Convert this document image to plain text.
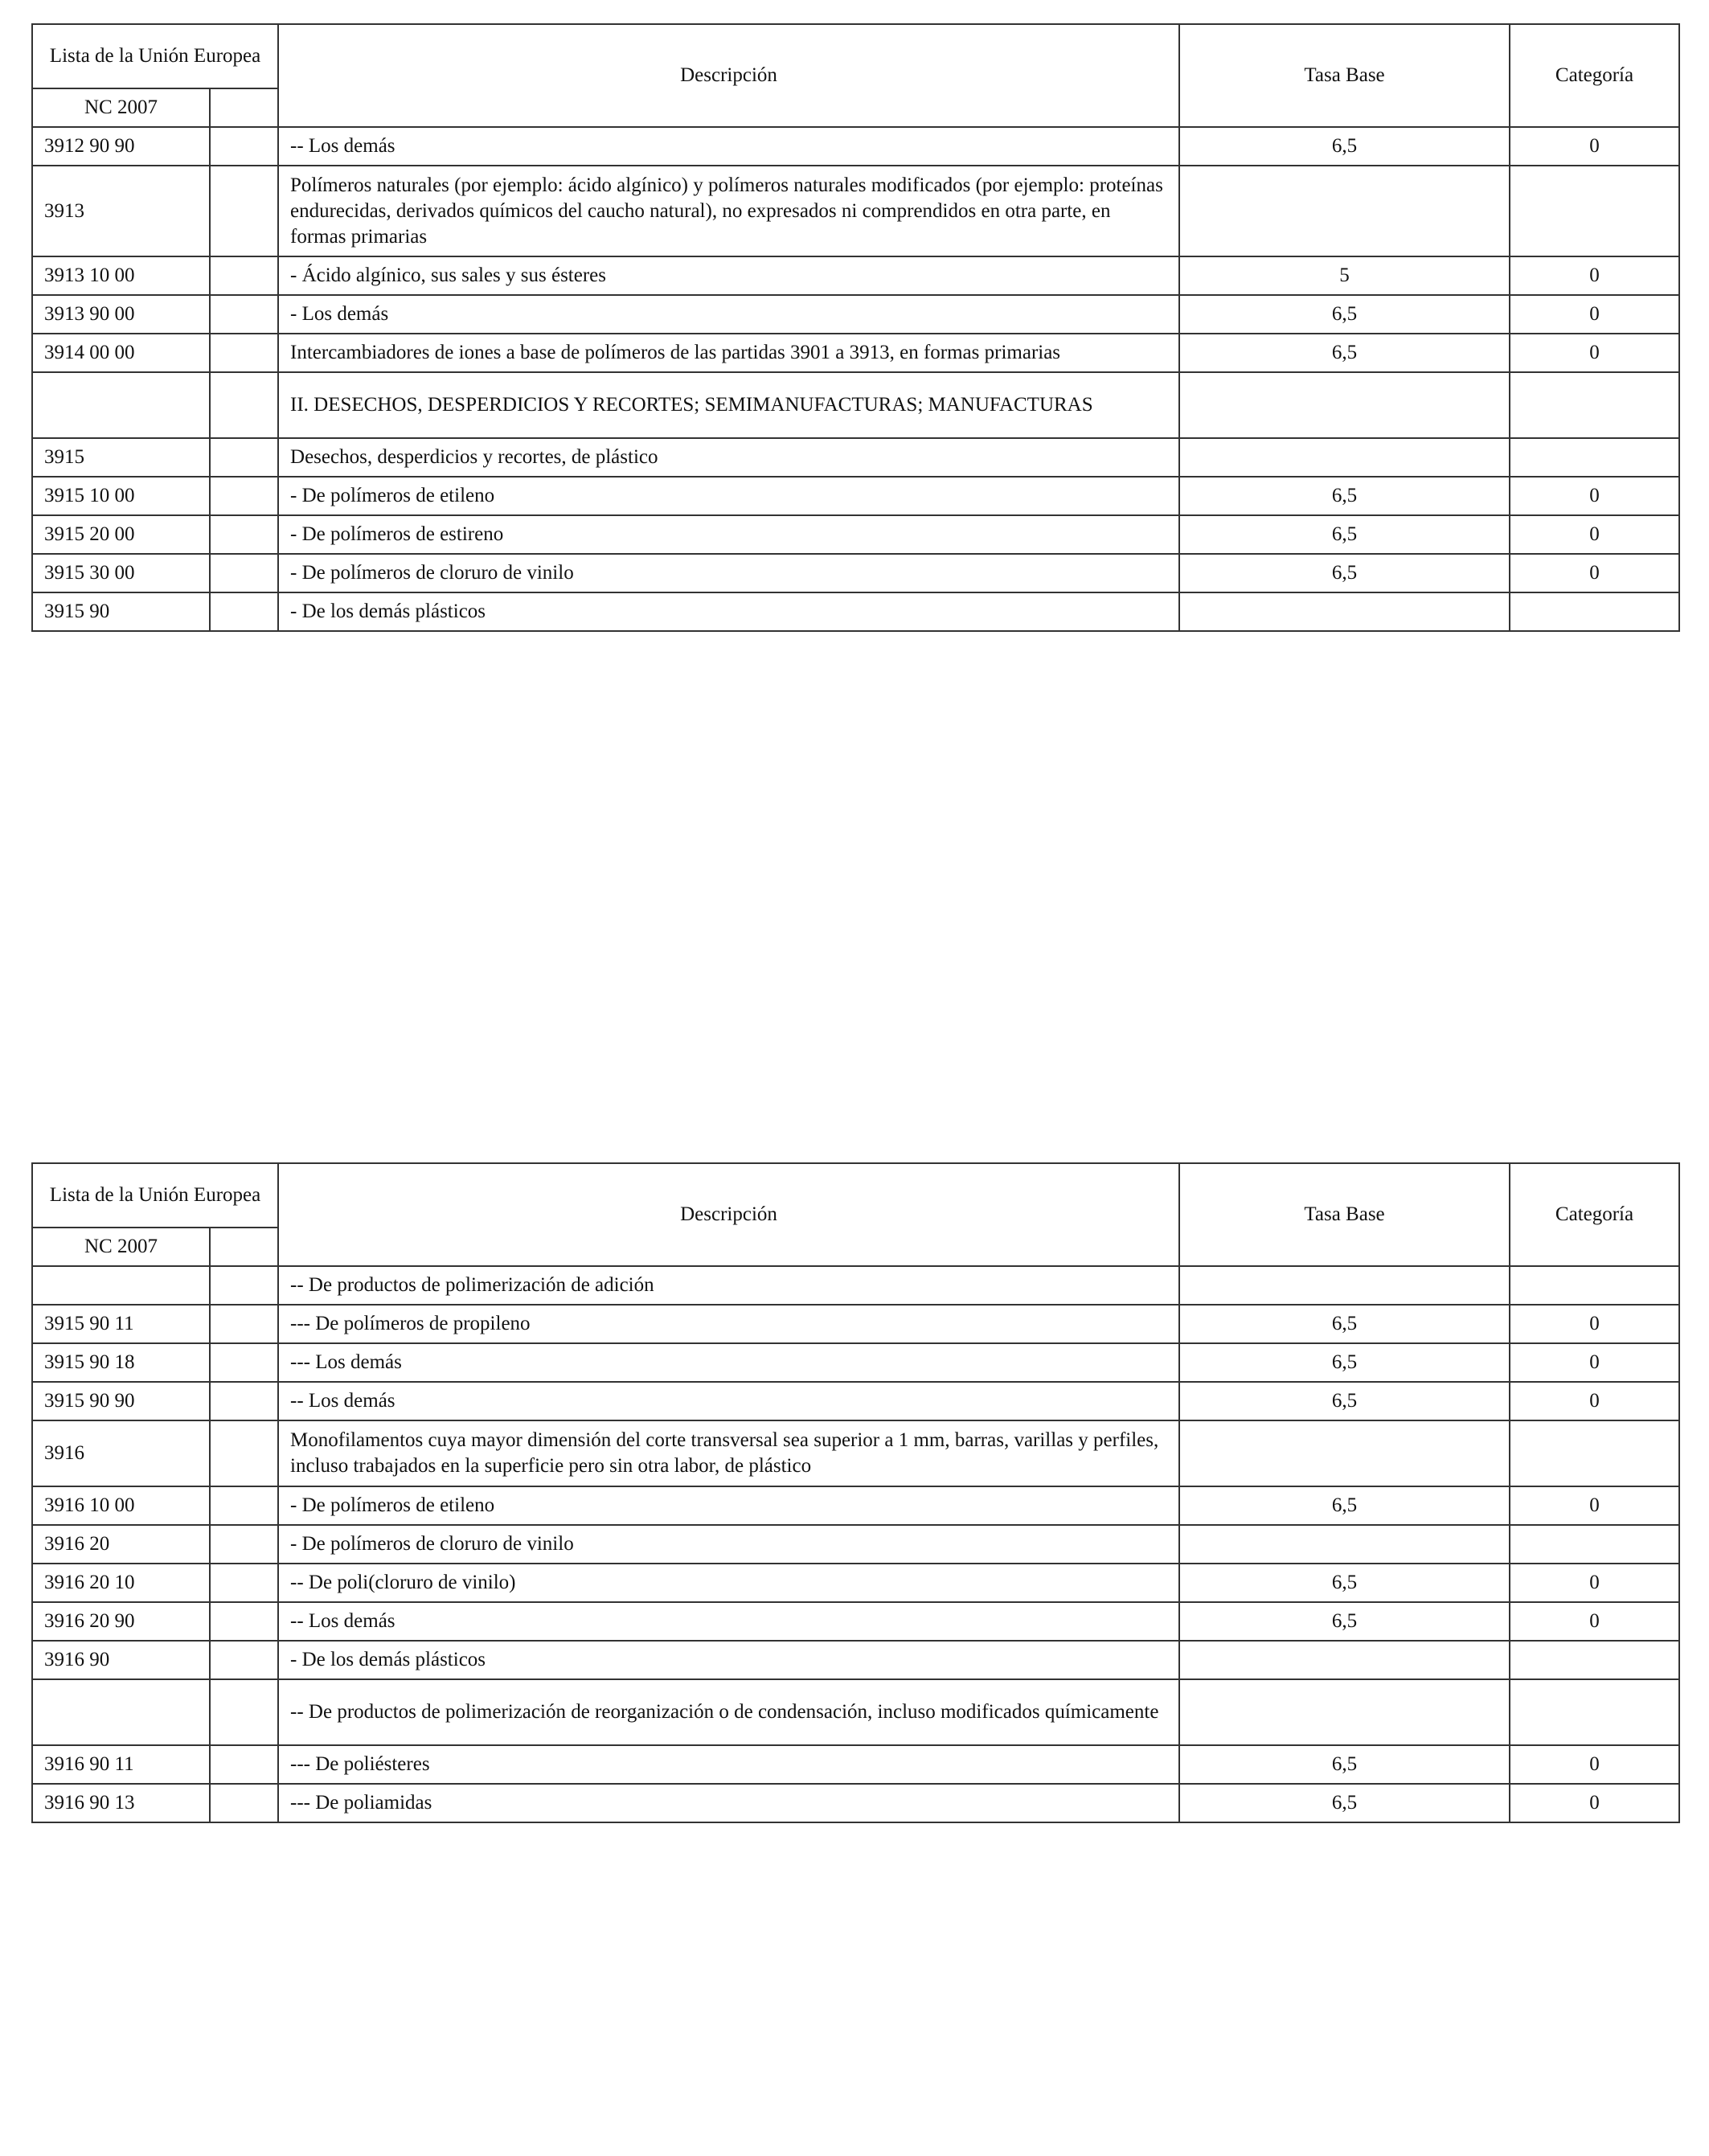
Lista de la Unión Europea		Descripción	Tasa Base	Categoría
NC 2007				
3912 90 90		-- Los demás	6,5	0
3913		Polímeros naturales (por ejemplo: ácido algínico) y polímeros naturales modificados (por ejemplo: proteínas endurecidas, derivados químicos del caucho natural), no expresados ni comprendidos en otra parte, en formas primarias		
3913 10 00		- Ácido algínico, sus sales y sus ésteres	5	0
3913 90 00		- Los demás	6,5	0
3914 00 00		Intercambiadores de iones a base de polímeros de las partidas 3901 a 3913, en formas primarias	6,5	0
		II. DESECHOS, DESPERDICIOS Y RECORTES; SEMIMANUFACTURAS; MANUFACTURAS		
3915		Desechos, desperdicios y recortes, de plástico		
3915 10 00		- De polímeros de etileno	6,5	0
3915 20 00		- De polímeros de estireno	6,5	0
3915 30 00		- De polímeros de cloruro de vinilo	6,5	0
3915 90		- De los demás plásticos		
Lista de la Unión Europea		Descripción	Tasa Base	Categoría
NC 2007				
		-- De productos de polimerización de adición		
3915 90 11		--- De polímeros de propileno	6,5	0
3915 90 18		--- Los demás	6,5	0
3915 90 90		-- Los demás	6,5	0
3916		Monofilamentos cuya mayor dimensión del corte transversal sea superior a 1 mm, barras, varillas y perfiles, incluso trabajados en la superficie pero sin otra labor, de plástico		
3916 10 00		- De polímeros de etileno	6,5	0
3916 20		- De polímeros de cloruro de vinilo		
3916 20 10		-- De poli(cloruro de vinilo)	6,5	0
3916 20 90		-- Los demás	6,5	0
3916 90		- De los demás plásticos		
		-- De productos de polimerización de reorganización o de condensación, incluso modificados químicamente		
3916 90 11		--- De poliésteres	6,5	0
3916 90 13		--- De poliamidas	6,5	0
